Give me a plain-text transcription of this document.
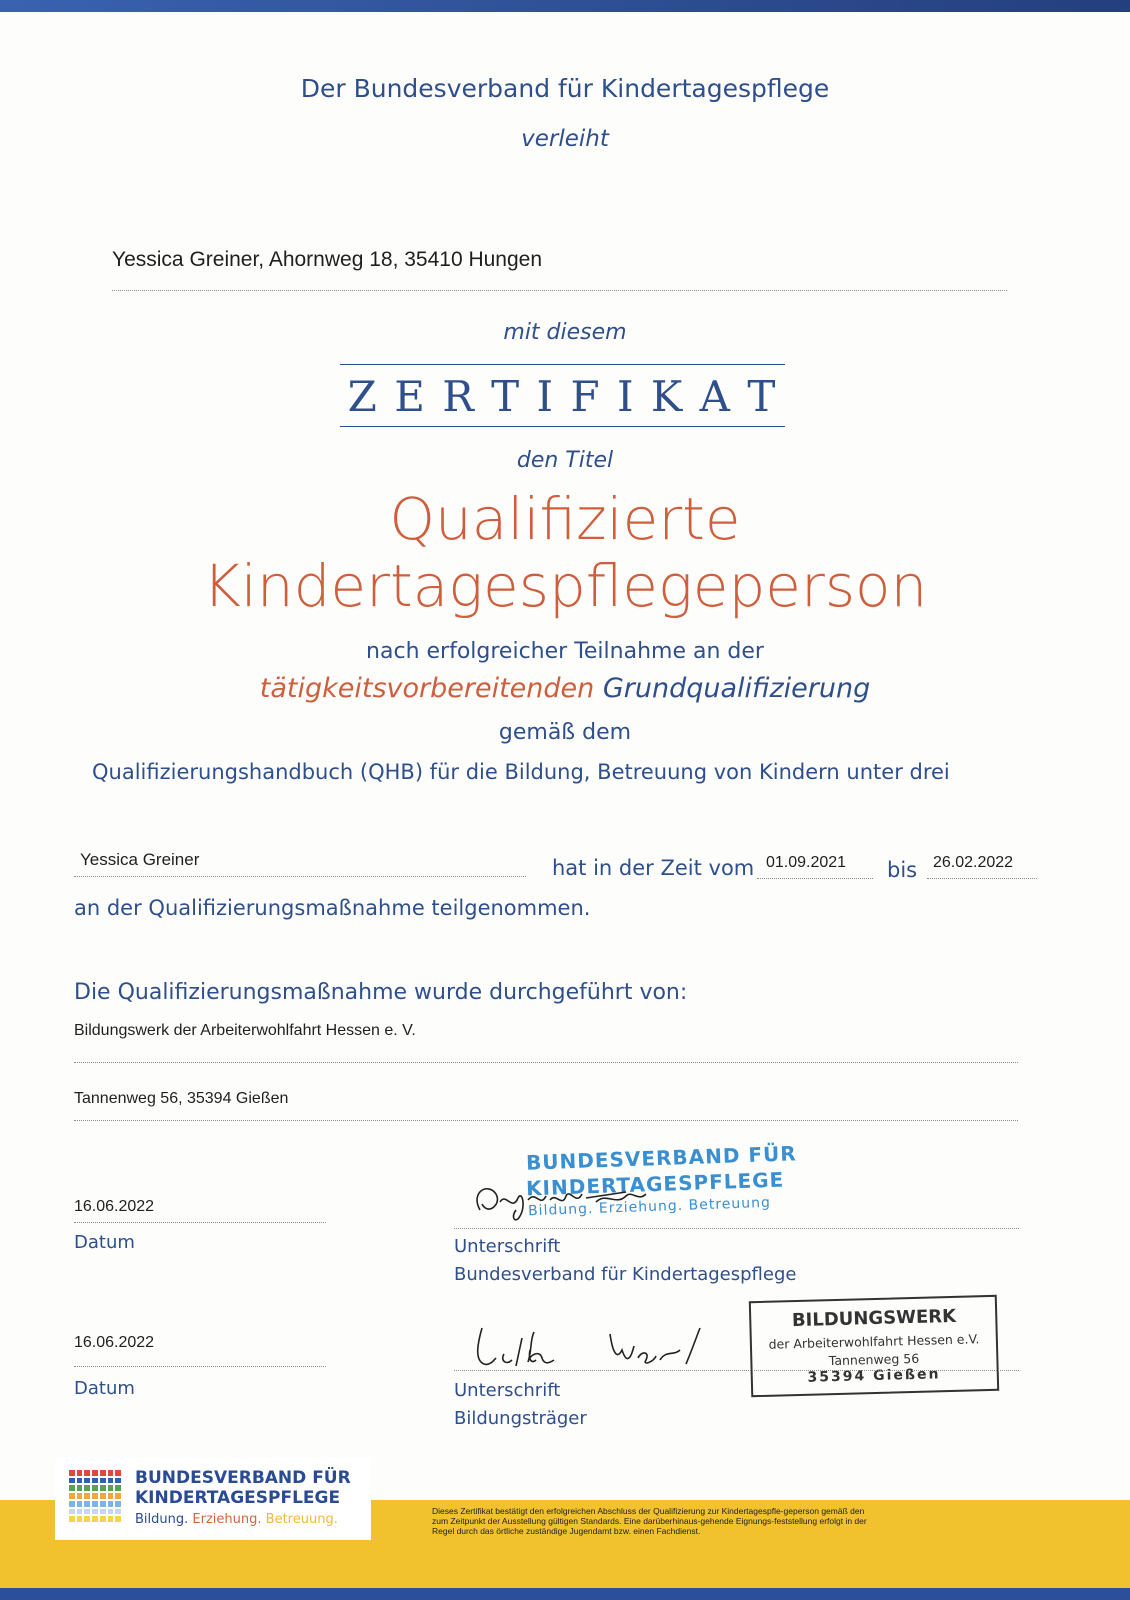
Der Bundesverband für Kindertagespflege
verleiht
Yessica Greiner, Ahornweg 18, 35410 Hungen
mit diesem
Z E R T I F I K A T
den Titel
Qualifizierte
Kindertagespflegeperson
nach erfolgreicher Teilnahme an der
tätigkeitsvorbereitenden Grundqualifizierung
gemäß dem
Qualifizierungshandbuch (QHB) für die Bildung, Betreuung von Kindern unter drei
Yessica Greiner	hat in der Zeit vom 01.09.2021 bis 26.02.2022
an der Qualifizierungsmaßnahme teilgenommen.
Die Qualifizierungsmaßnahme wurde durchgeführt von:
Bildungswerk der Arbeiterwohlfahrt Hessen e. V.
Tannenweg 56, 35394 Gießen
16.06.2022
Datum
BUNDESVERBAND FÜR
KINDERTAGESPFLEGE
Bildung. Erziehung. Betreuung
Unterschrift
Bundesverband für Kindertagespflege
16.06.2022
Datum
BILDUNGSWERK
der Arbeiterwohlfahrt Hessen e.V.
Tannenweg 56
35394 Gießen
Unterschrift
Bildungsträger
BUNDESVERBAND FÜR
KINDERTAGESPFLEGE
Bildung. Erziehung. Betreuung.
Dieses Zertifikat bestätigt den erfolgreichen Abschluss der Qualifizierung zur Kindertagespfle-geperson gemäß den zum Zeitpunkt der Ausstellung gültigen Standards. Eine darüberhinaus-gehende Eignungs-feststellung erfolgt in der Regel durch das örtliche zuständige Jugendamt bzw. einen Fachdienst.
